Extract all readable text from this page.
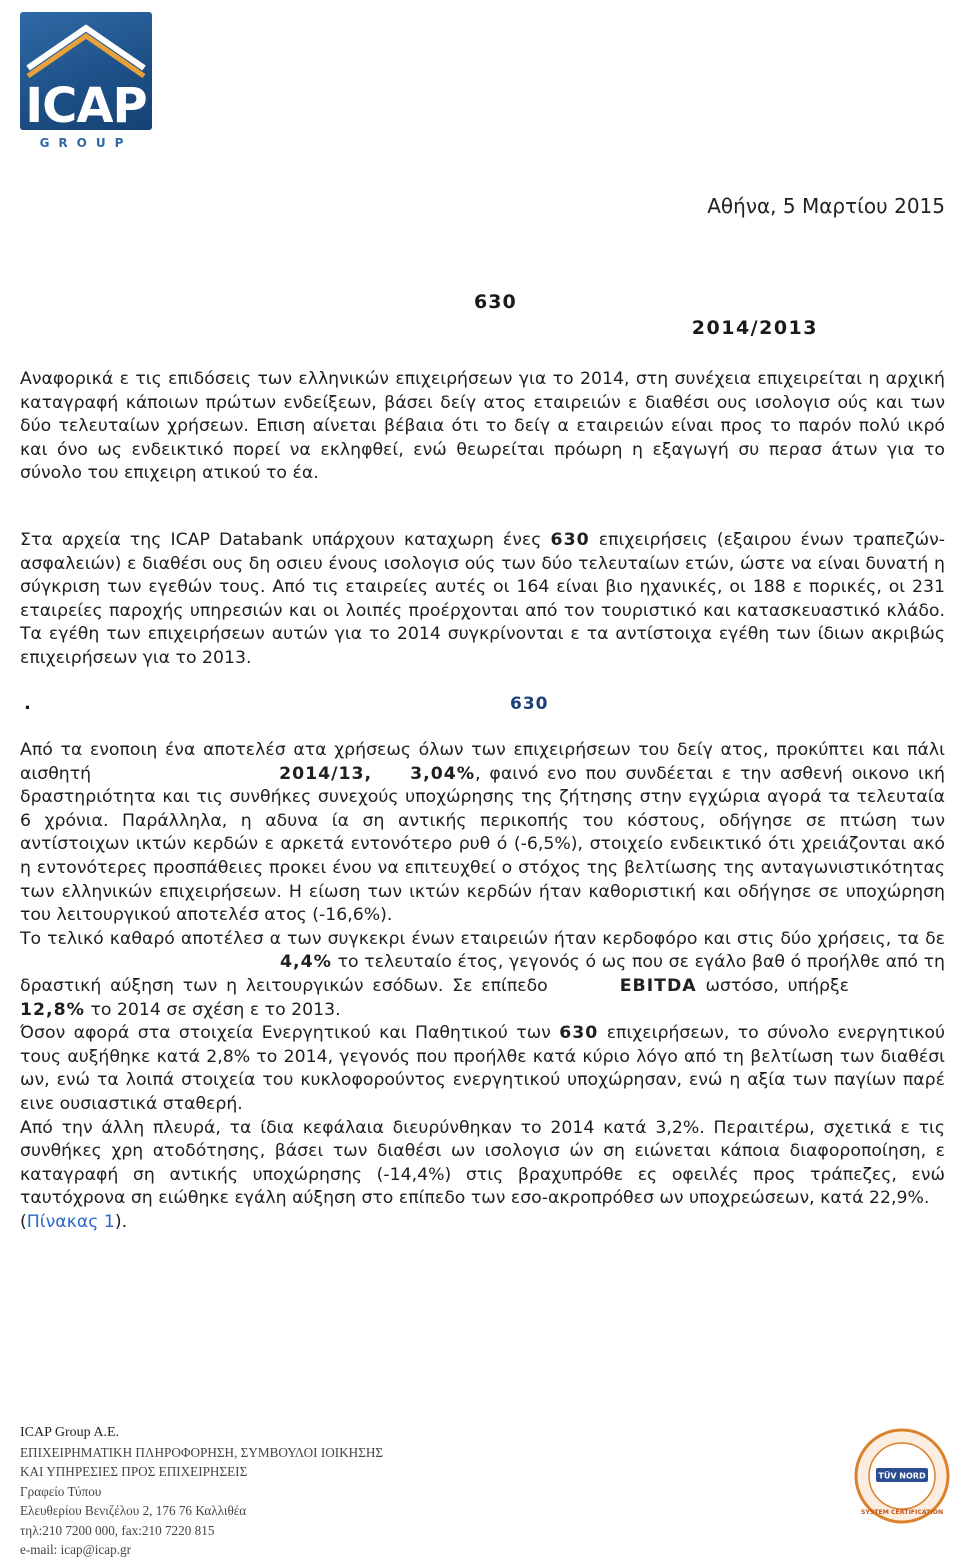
ICAP
GROUP
Αθήνα, 5 Μαρτίου 2015
630
2014/2013
Αναφορικά ε τις επιδόσεις των ελληνικών επιχειρήσεων για το 2014, στη συνέχεια επιχειρείται η αρχική καταγραφή κάποιων πρώτων ενδείξεων, βάσει δείγ ατος εταιρειών ε διαθέσι ους ισολογισ ούς και των δύο τελευταίων χρήσεων. Επιση αίνεται βέβαια ότι το δείγ α εταιρειών είναι προς το παρόν πολύ ικρό και όνο ως ενδεικτικό πορεί να εκληφθεί, ενώ θεωρείται πρόωρη η εξαγωγή συ περασ άτων για το σύνολο του επιχειρη ατικού το έα.
Στα αρχεία της ICAP Databank υπάρχουν καταχωρη ένες 630 επιχειρήσεις (εξαιρου ένων τραπεζών-ασφαλειών) ε διαθέσι ους δη οσιευ ένους ισολογισ ούς των δύο τελευταίων ετών, ώστε να είναι δυνατή η σύγκριση των εγεθών τους. Από τις εταιρείες αυτές οι 164 είναι βιο ηχανικές, οι 188 ε πορικές, οι 231 εταιρείες παροχής υπηρεσιών και οι λοιπές προέρχονται από τον τουριστικό και κατασκευαστικό κλάδο. Τα εγέθη των επιχειρήσεων αυτών για το 2014 συγκρίνονται ε τα αντίστοιχα εγέθη των ίδιων ακριβώς επιχειρήσεων για το 2013.
.	630
Από τα ενοποιη ένα αποτελέσ ατα χρήσεως όλων των επιχειρήσεων του δείγ ατος, προκύπτει και πάλι αισθητή	2014/13, 3,04%, φαινό ενο που συνδέεται ε την ασθενή οικονο ική δραστηριότητα και τις συνθήκες συνεχούς υποχώρησης της ζήτησης στην εγχώρια αγορά τα τελευταία 6 χρόνια. Παράλληλα, η αδυνα ία ση αντικής περικοπής του κόστους, οδήγησε σε πτώση των αντίστοιχων ικτών κερδών ε αρκετά εντονότερο ρυθ ό (-6,5%), στοιχείο ενδεικτικό ότι χρειάζονται ακό η εντονότερες προσπάθειες προκει ένου να επιτευχθεί ο στόχος της βελτίωσης της ανταγωνιστικότητας των ελληνικών επιχειρήσεων. Η είωση των ικτών κερδών ήταν καθοριστική και οδήγησε σε υποχώρηση του λειτουργικού αποτελέσ ατος (-16,6%).
Το τελικό καθαρό αποτέλεσ α των συγκεκρι ένων εταιρειών ήταν κερδοφόρο και στις δύο χρήσεις, τα δε4,4% το τελευταίο έτος, γεγονός ό ως που σε εγάλο βαθ ό προήλθε από τη δραστική αύξηση των η λειτουργικών εσόδων. Σε επίπεδο	EBITDA ωστόσο, υπήρξε12,8% το 2014 σε σχέση ε το 2013.
Όσον αφορά στα στοιχεία Ενεργητικού και Παθητικού των 630 επιχειρήσεων, το σύνολο ενεργητικού τους αυξήθηκε κατά 2,8% το 2014, γεγονός που προήλθε κατά κύριο λόγο από τη βελτίωση των διαθέσι ων, ενώ τα λοιπά στοιχεία του κυκλοφορούντος ενεργητικού υποχώρησαν, ενώ η αξία των παγίων παρέ εινε ουσιαστικά σταθερή.
Από την άλλη πλευρά, τα ίδια κεφάλαια διευρύνθηκαν το 2014 κατά 3,2%. Περαιτέρω, σχετικά ε τις συνθήκες χρη ατοδότησης, βάσει των διαθέσι ων ισολογισ ών ση ειώνεται κάποια διαφοροποίηση, ε καταγραφή ση αντικής υποχώρησης (-14,4%) στις βραχυπρόθε ες οφειλές προς τράπεζες, ενώ ταυτόχρονα ση ειώθηκε εγάλη αύξηση στο επίπεδο των εσο-ακροπρόθεσ ων υποχρεώσεων, κατά 22,9%.
(Πίνακας 1).
ICAP Group A.E.
ΕΠΙΧΕΙΡΗΜΑΤΙΚΗ ΠΛΗΡΟΦΟΡΗΣΗ, ΣΥΜΒΟΥΛΟΙ ΙΟΙΚΗΣΗΣ
ΚΑΙ ΥΠΗΡΕΣΙΕΣ ΠΡΟΣ ΕΠΙΧΕΙΡΗΣΕΙΣ
Γραφείο Τύπου
Ελευθερίου Βενιζέλου 2, 176 76 Καλλιθέα
τηλ:210 7200 000, fax:210 7220 815
e-mail: icap@icap.gr
TÜV NORD
SYSTEM CERTIFICATION
